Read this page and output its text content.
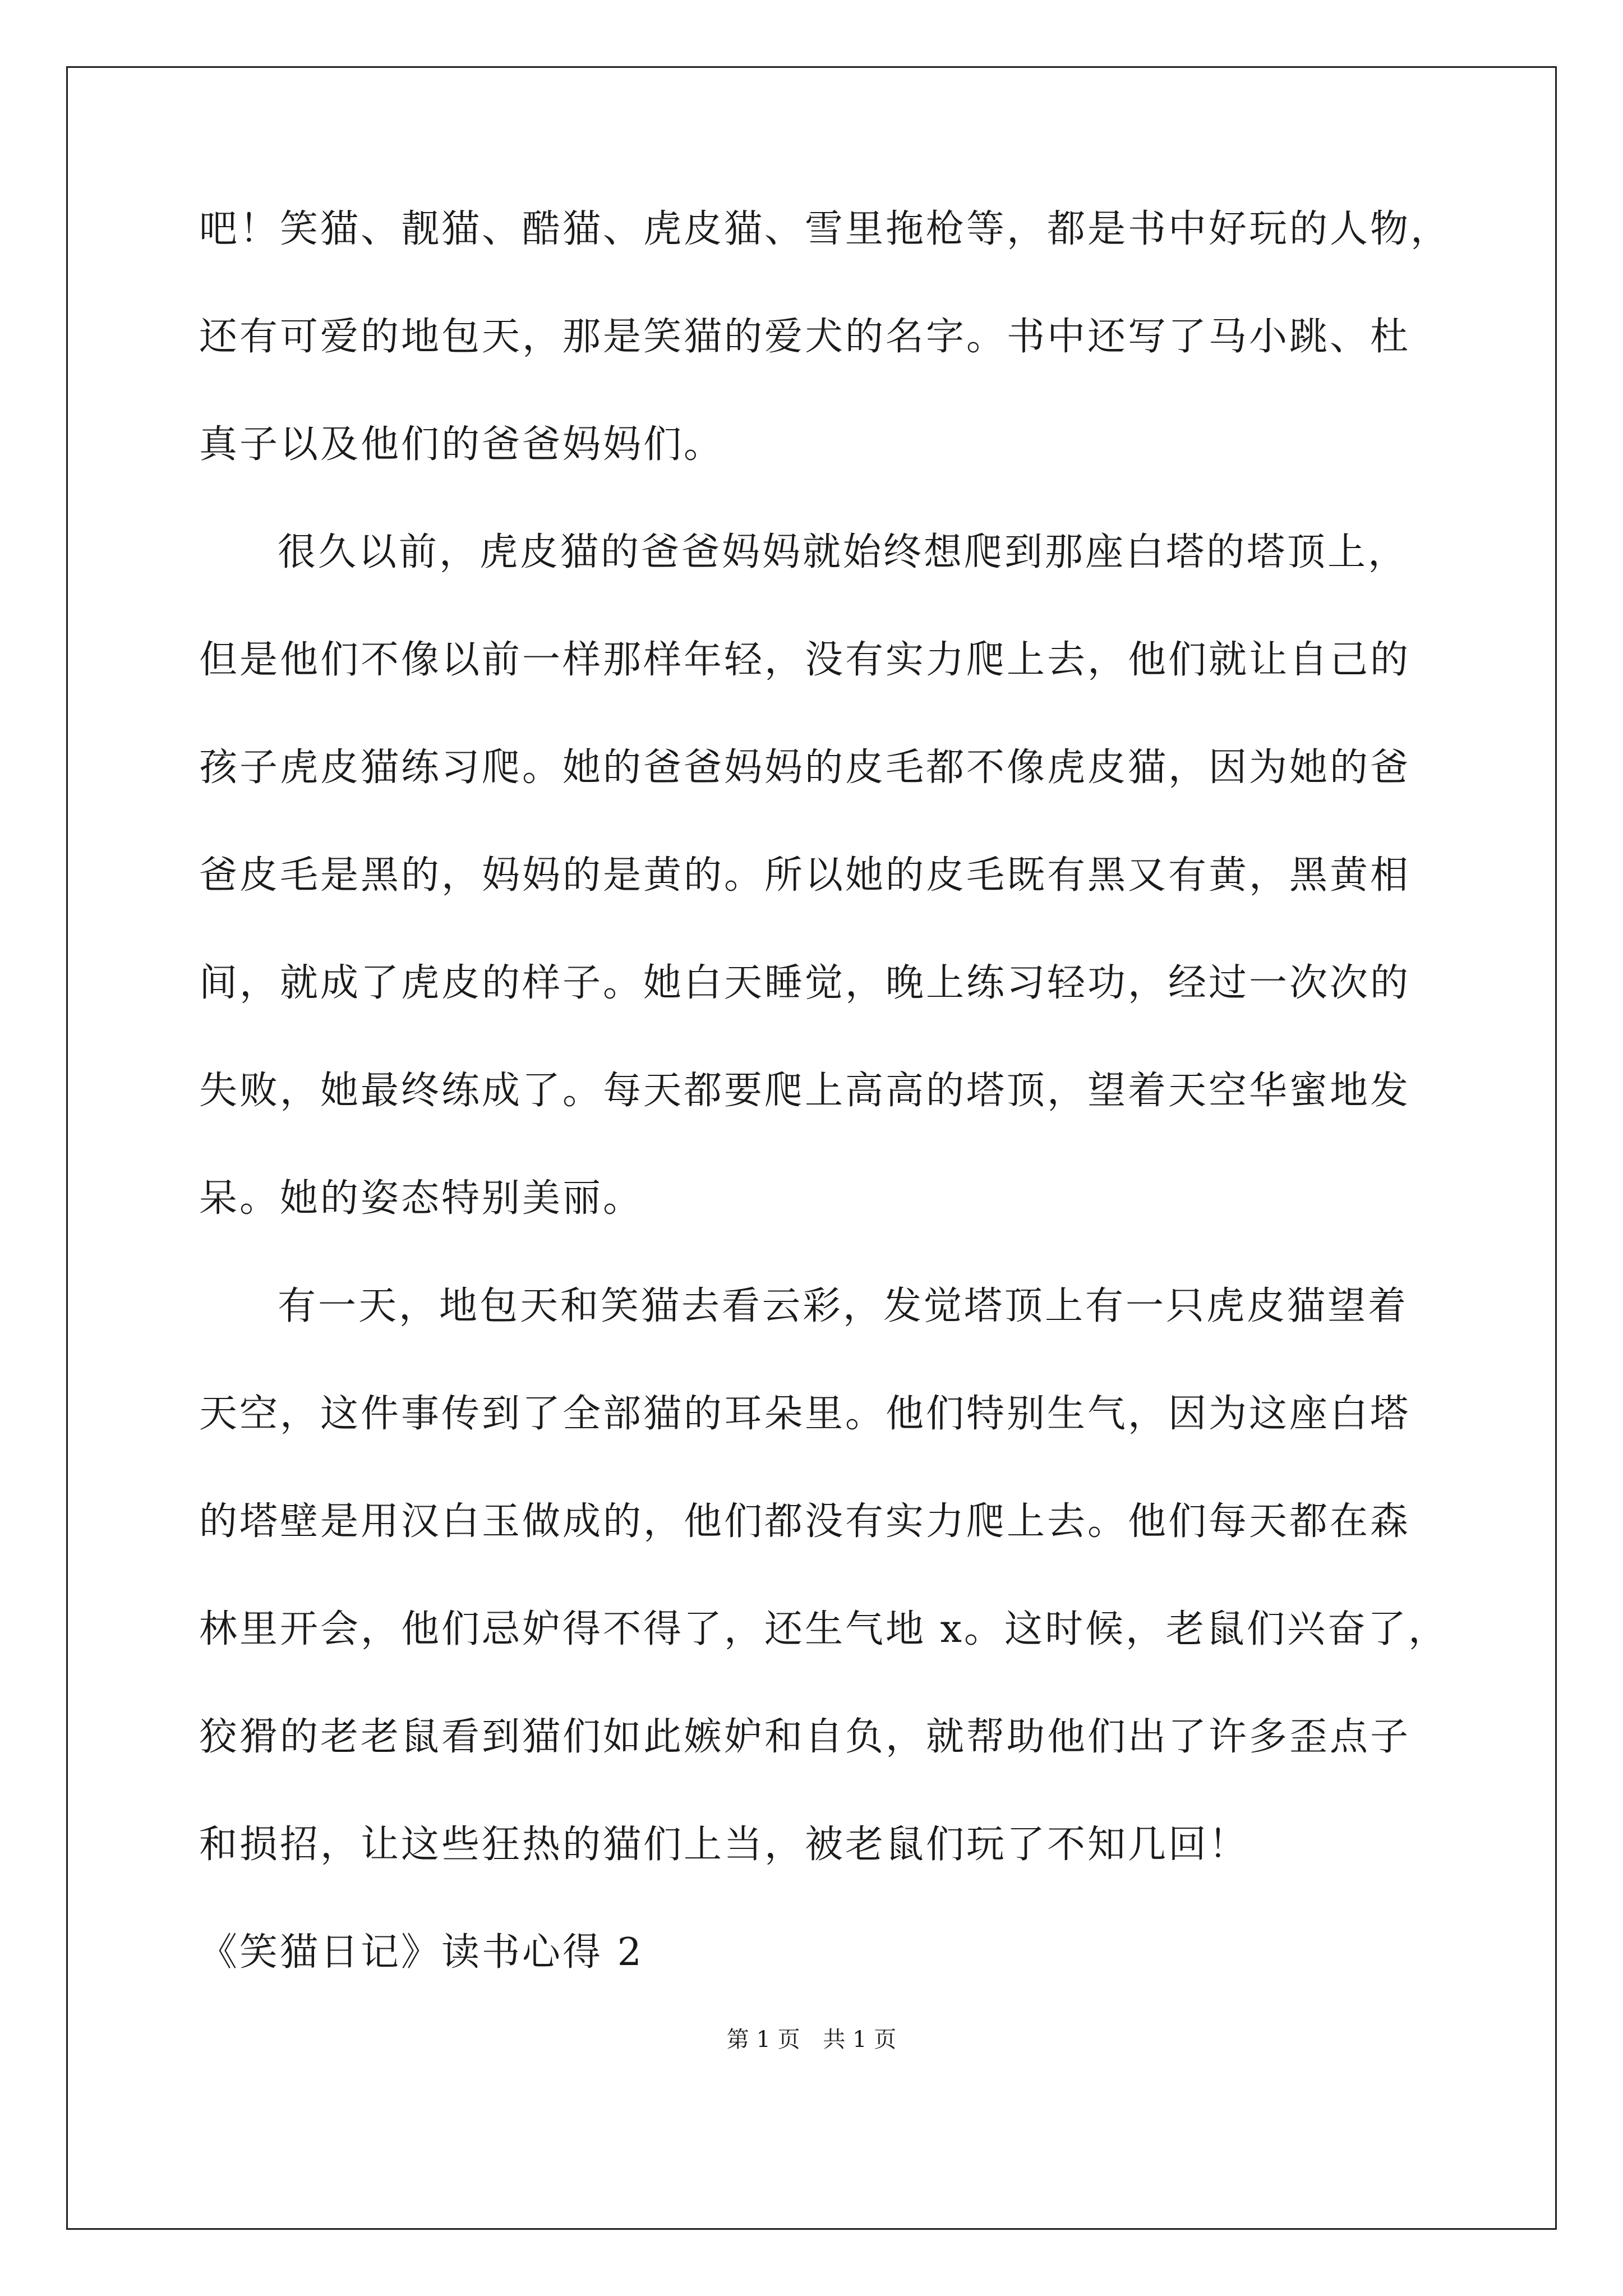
吧！笑猫、靓猫、酷猫、虎皮猫、雪里拖枪等，都是书中好玩的人物，
还有可爱的地包天，那是笑猫的爱犬的名字。书中还写了马小跳、杜
真子以及他们的爸爸妈妈们。
很久以前，虎皮猫的爸爸妈妈就始终想爬到那座白塔的塔顶上，
但是他们不像以前一样那样年轻，没有实力爬上去，他们就让自己的
孩子虎皮猫练习爬。她的爸爸妈妈的皮毛都不像虎皮猫，因为她的爸
爸皮毛是黑的，妈妈的是黄的。所以她的皮毛既有黑又有黄，黑黄相
间，就成了虎皮的样子。她白天睡觉，晚上练习轻功，经过一次次的
失败，她最终练成了。每天都要爬上高高的塔顶，望着天空华蜜地发
呆。她的姿态特别美丽。
有一天，地包天和笑猫去看云彩，发觉塔顶上有一只虎皮猫望着
天空，这件事传到了全部猫的耳朵里。他们特别生气，因为这座白塔
的塔壁是用汉白玉做成的，他们都没有实力爬上去。他们每天都在森
林里开会，他们忌妒得不得了，还生气地 x。这时候，老鼠们兴奋了，
狡猾的老老鼠看到猫们如此嫉妒和自负，就帮助他们出了许多歪点子
和损招，让这些狂热的猫们上当，被老鼠们玩了不知几回！
《笑猫日记》读书心得 2
第 1 页 共 1 页
